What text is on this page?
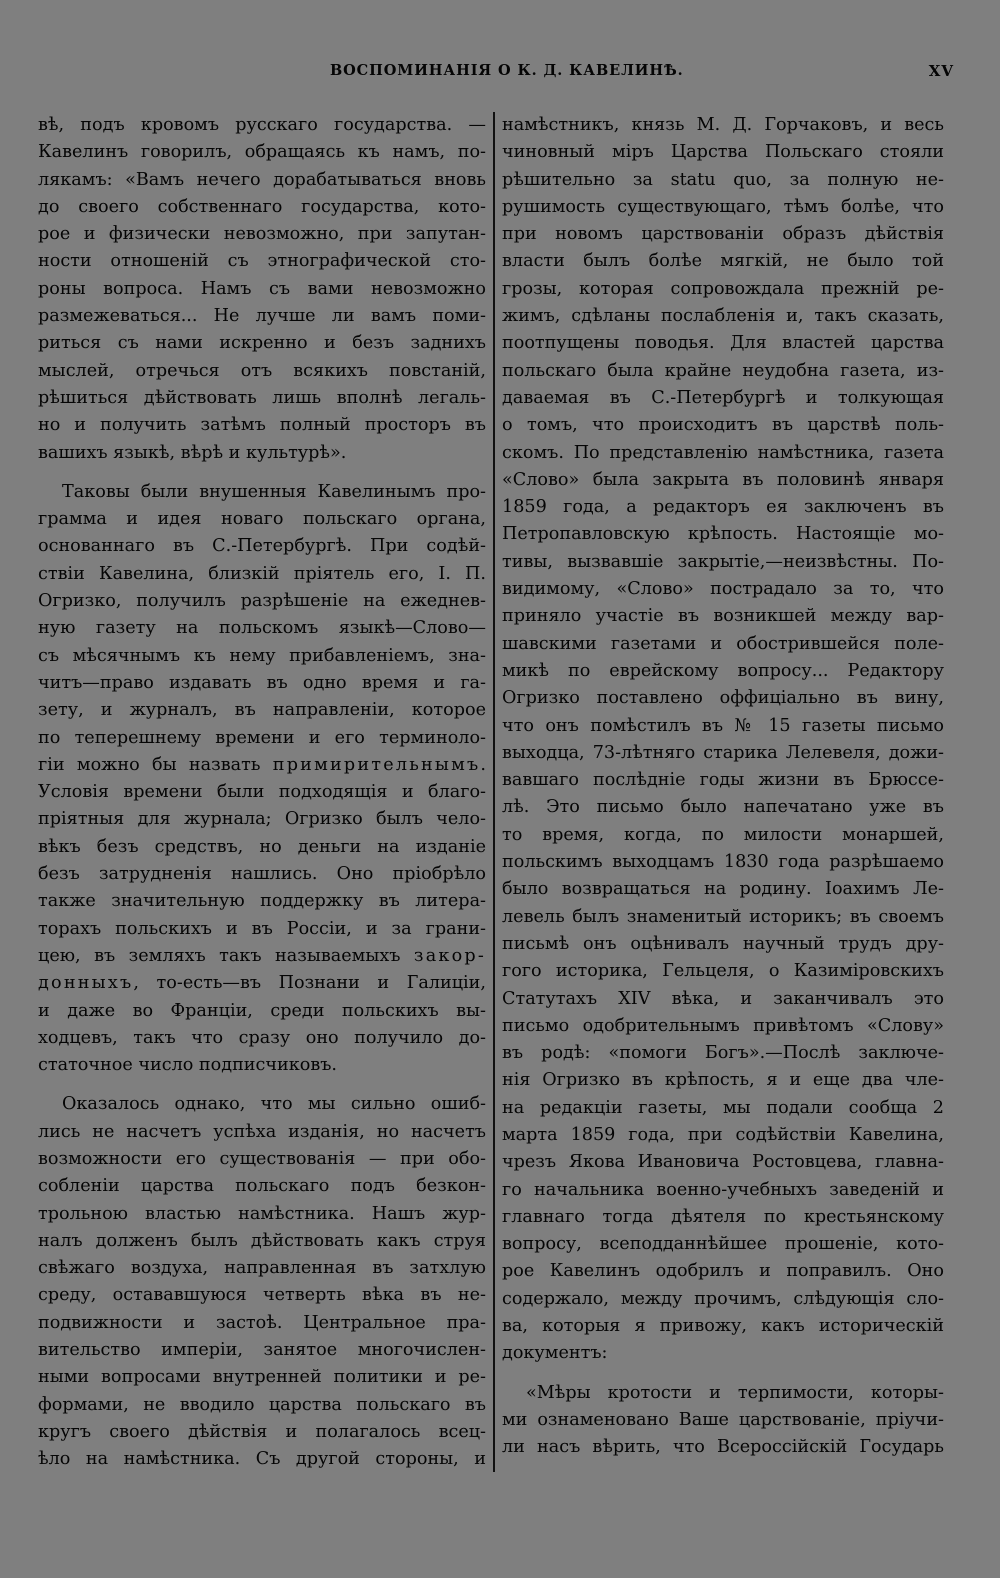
ВОСПОМИНАНІЯ О К. Д. КАВЕЛИНѢ.	XV

вѣ, подъ кровомъ русскаго государства. —

Кавелинъ говорилъ, обращаясь къ намъ, по-

лякамъ: «Вамъ нечего дорабатываться вновь

до своего собственнаго государства, кото-

рое и физически невозможно, при запутан-

ности отношеній съ этнографической сто-

роны вопроса. Намъ съ вами невозможно

размежеваться... Не лучше ли вамъ поми-

риться съ нами искренно и безъ заднихъ

мыслей, отречься отъ всякихъ повстаній,

рѣшиться дѣйствовать лишь вполнѣ легаль-

но и получить затѣмъ полный просторъ въ

вашихъ языкѣ, вѣрѣ и культурѣ».

Таковы были внушенныя Кавелинымъ про-

грамма и идея новаго польскаго органа,

основаннаго въ С.-Петербургѣ. При содѣй-

ствіи Кавелина, близкій пріятель его, І. П.

Огризко, получилъ разрѣшеніе на ежеднев-

ную газету на польскомъ языкѣ—Слово—

съ мѣсячнымъ къ нему прибавленіемъ, зна-

читъ—право издавать въ одно время и га-

зету, и журналъ, въ направленіи, которое

по теперешнему времени и его терминоло-

гіи можно бы назвать примирительнымъ.

Условія времени были подходящія и благо-

пріятныя для журнала; Огризко былъ чело-

вѣкъ безъ средствъ, но деньги на изданіе

безъ затрудненія нашлись. Оно пріобрѣло

также значительную поддержку въ литера-

торахъ польскихъ и въ Россіи, и за грани-

цею, въ земляхъ такъ называемыхъ закор-

донныхъ, то-есть—въ Познани и Галиціи,

и даже во Франціи, среди польскихъ вы-

ходцевъ, такъ что сразу оно получило до-

статочное число подписчиковъ.

Оказалось однако, что мы сильно ошиб-

лись не насчетъ успѣха изданія, но насчетъ

возможности его существованія — при обо-

собленіи царства польскаго подъ безкон-

трольною властью намѣстника. Нашъ жур-

налъ долженъ былъ дѣйствовать какъ струя

свѣжаго воздуха, направленная въ затхлую

среду, остававшуюся четверть вѣка въ не-

подвижности и застоѣ. Центральное пра-

вительство имперіи, занятое многочислен-

ными вопросами внутренней политики и ре-

формами, не вводило царства польскаго въ

кругъ своего дѣйствія и полагалось всец-

ѣло на намѣстника. Съ другой стороны, и

намѣстникъ, князь М. Д. Горчаковъ, и весь

чиновный міръ Царства Польскаго стояли

рѣшительно за statu quo, за полную не-

рушимость существующаго, тѣмъ болѣе, что

при новомъ царствованіи образъ дѣйствія

власти былъ болѣе мягкій, не было той

грозы, которая сопровождала прежній ре-

жимъ, сдѣланы послабленія и, такъ сказать,

поотпущены поводья. Для властей царства

польскаго была крайне неудобна газета, из-

даваемая въ С.-Петербургѣ и толкующая

о томъ, что происходитъ въ царствѣ поль-

скомъ. По представленію намѣстника, газета

«Слово» была закрыта въ половинѣ января

1859 года, а редакторъ ея заключенъ въ

Петропавловскую крѣпость. Настоящіе мо-

тивы, вызвавшіе закрытіе,—неизвѣстны. По-

видимому, «Слово» пострадало за то, что

приняло участіе въ возникшей между вар-

шавскими газетами и обострившейся поле-

микѣ по еврейскому вопросу... Редактору

Огризко поставлено оффиціально въ вину,

что онъ помѣстилъ въ № 15 газеты письмо

выходца, 73-лѣтняго старика Лелевеля, дожи-

вавшаго послѣдніе годы жизни въ Брюссе-

лѣ. Это письмо было напечатано уже въ

то время, когда, по милости монаршей,

польскимъ выходцамъ 1830 года разрѣшаемо

было возвращаться на родину. Іоахимъ Ле-

левель былъ знаменитый историкъ; въ своемъ

письмѣ онъ оцѣнивалъ научный трудъ дру-

гого историка, Гельцеля, о Казиміровскихъ

Статутахъ XIV вѣка, и заканчивалъ это

письмо одобрительнымъ привѣтомъ «Слову»

въ родѣ: «помоги Богъ».—Послѣ заключе-

нія Огризко въ крѣпость, я и еще два чле-

на редакціи газеты, мы подали сообща 2

марта 1859 года, при содѣйствіи Кавелина,

чрезъ Якова Ивановича Ростовцева, главна-

го начальника военно-учебныхъ заведеній и

главнаго тогда дѣятеля по крестьянскому

вопросу, всеподданнѣйшее прошеніе, кото-

рое Кавелинъ одобрилъ и поправилъ. Оно

содержало, между прочимъ, слѣдующія сло-

ва, которыя я привожу, какъ историческій

документъ:

«Мѣры кротости и терпимости, которы-

ми ознаменовано Ваше царствованіе, пріучи-

ли насъ вѣрить, что Всероссійскій Государь
